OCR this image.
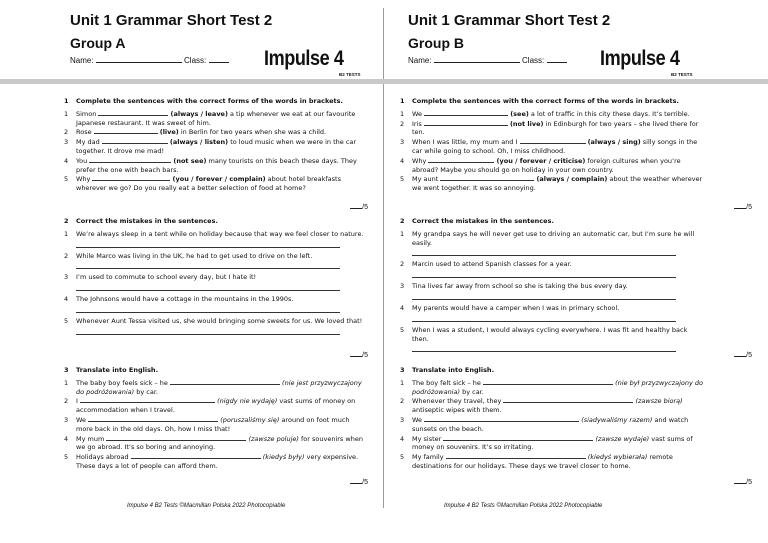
Unit 1 Grammar Short Test 2
Group A
Name:	Class:	Impulse 4
B2 TESTS
1 Complete the sentences with the correct forms of the words in brackets.
1 Simon	(always / leave) a tip whenever we eat at our favourite Japanese restaurant. It was sweet of him.
2 Rose	(live) in Berlin for two years when she was a child.
3 My dad	(always / listen) to loud music when we were in the car together. It drove me mad!
4 You	(not see) many tourists on this beach these days. They prefer the one with beach bars.
5 Why	(you / forever / complain) about hotel breakfasts wherever we go? Do you really eat a better selection of food at home?
/5
2 Correct the mistakes in the sentences.
1 We’re always sleep in a tent while on holiday because that way we feel closer to nature.
2 While Marco was living in the UK, he had to get used to drive on the left.
3 I’m used to commute to school every day, but I hate it!
4 The Johnsons would have a cottage in the mountains in the 1990s.
5 Whenever Aunt Tessa visited us, she would bringing some sweets for us. We loved that!
/5
3 Translate into English.
1 The baby boy feels sick – he	(nie jest przyzwyczajony do podróżowania) by car.
2 I	(nigdy nie wydaję) vast sums of money on accommodation when I travel.
3 We	(poruszaliśmy się) around on foot much more back in the old days. Oh, how I miss that!
4 My mum	(zawsze poluje) for souvenirs when we go abroad. It’s so boring and annoying.
5 Holidays abroad	(kiedyś były) very expensive. These days a lot of people can afford them.
/5
Impulse 4 B2 Tests ©Macmillan Polska 2022 Photocopiable
Unit 1 Grammar Short Test 2
Group B
Name:	Class:	Impulse 4
B2 TESTS
1 Complete the sentences with the correct forms of the words in brackets.
1 We	(see) a lot of traffic in this city these days. It’s terrible.
2 Iris	(not live) in Edinburgh for two years – she lived there for ten.
3 When I was little, my mum and I	(always / sing) silly songs in the car while going to school. Oh, I miss childhood.
4 Why	(you / forever / criticise) foreign cultures when you’re abroad? Maybe you should go on holiday in your own country.
5 My aunt	(always / complain) about the weather wherever we went together. It was so annoying.
/5
2 Correct the mistakes in the sentences.
1 My grandpa says he will never get use to driving an automatic car, but I’m sure he will easily.
2 Marcin used to attend Spanish classes for a year.
3 Tina lives far away from school so she is taking the bus every day.
4 My parents would have a camper when I was in primary school.
5 When I was a student, I would always cycling everywhere. I was fit and healthy back then.
/5
3 Translate into English.
1 The boy felt sick – he	(nie był przyzwyczajony do podróżowania) by car.
2 Whenever they travel, they	(zawsze biorą) antiseptic wipes with them.
3 We	(siadywaliśmy razem) and watch sunsets on the beach.
4 My sister	(zawsze wydaje) vast sums of money on souvenirs. It’s so irritating.
5 My family	(kiedyś wybierała) remote destinations for our holidays. These days we travel closer to home.
/5
Impulse 4 B2 Tests ©Macmillan Polska 2022 Photocopiable
